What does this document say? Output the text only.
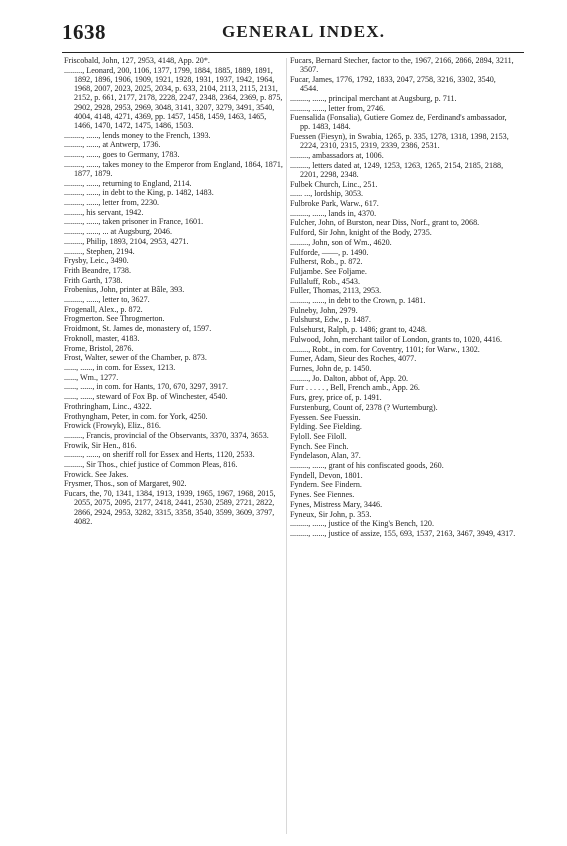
1638	GENERAL INDEX.

Friscobald, John, 127, 2953, 4148, App. 20*.

........., Leonard, 200, 1106, 1377, 1799, 1884, 1885, 1889, 1891, 1892, 1896, 1906, 1909, 1921, 1928, 1931, 1937, 1942, 1964, 1968, 2007, 2023, 2025, 2034, p. 633, 2104, 2113, 2115, 2131, 2152, p. 661, 2177, 2178, 2228, 2247, 2348, 2364, 2369, p. 875, 2902, 2928, 2953, 2969, 3048, 3141, 3207, 3279, 3491, 3540, 4004, 4148, 4271, 4369, pp. 1457, 1458, 1459, 1463, 1465, 1466, 1470, 1472, 1475, 1486, 1503.

........., ......, lends money to the French, 1393.

........., ......, at Antwerp, 1736.

........., ......, goes to Germany, 1783.

........., ......, takes money to the Emperor from England, 1864, 1871, 1877, 1879.

........., ......, returning to England, 2114.

........., ......, in debt to the King, p. 1482, 1483.

........., ......, letter from, 2230.

........., his servant, 1942.

........., ......, taken prisoner in France, 1601.

........., ......, ... at Augsburg, 2046.

........., Philip, 1893, 2104, 2953, 4271.

........., Stephen, 2194.

Frysby, Leic., 3490.

Frith Beandre, 1738.

Frith Garth, 1738.

Frobenius, John, printer at Bâle, 393.

........., ......, letter to, 3627.

Frogenall, Alex., p. 872.

Frogmerton. See Throgmerton.

Froidmont, St. James de, monastery of, 1597.

Froknoll, master, 4183.

Frome, Bristol, 2876.

Frost, Walter, sewer of the Chamber, p. 873.

......, ......, in com. for Essex, 1213.

......, Wm., 1277.

......, ......, in com. for Hants, 170, 670, 3297, 3917.

......, ......, steward of Fox Bp. of Winchester, 4540.

Frothringham, Linc., 4322.

Frothyngham, Peter, in com. for York, 4250.

Frowick (Frowyk), Eliz., 816.

........., Francis, provincial of the Observants, 3370, 3374, 3653.

Frowik, Sir Hen., 816.

........., ......, on sheriff roll for Essex and Herts, 1120, 2533.

........., Sir Thos., chief justice of Common Pleas, 816.

Frowick. See Jakes.

Frysmer, Thos., son of Margaret, 902.

Fucars, the, 70, 1341, 1384, 1913, 1939, 1965, 1967, 1968, 2015, 2055, 2075, 2095, 2177, 2418, 2441, 2530, 2589, 2721, 2822, 2866, 2924, 2953, 3282, 3315, 3358, 3540, 3599, 3609, 3797, 4082.

Fucars, Bernard Stecher, factor to the, 1967, 2166, 2866, 2894, 3211, 3507.

Fucar, James, 1776, 1792, 1833, 2047, 2758, 3216, 3302, 3540, 4544.

........., ......, principal merchant at Augsburg, p. 711.

........., ......, letter from, 2746.

Fuensalida (Fonsalia), Gutiere Gomez de, Ferdinand's ambassador, pp. 1483, 1484.

Fuessen (Fiesyn), in Swabia, 1265, p. 335, 1278, 1318, 1398, 2153, 2224, 2310, 2315, 2319, 2339, 2386, 2531.

........., ambassadors at, 1006.

........., letters dated at, 1249, 1253, 1263, 1265, 2154, 2185, 2188, 2201, 2298, 2348.

Fulbek Church, Linc., 251.

...... ..., lordship, 3053.

Fulbroke Park, Warw., 617.

........., ......, lands in, 4370.

Fulcher, John, of Burston, near Diss, Norf., grant to, 2068.

Fulford, Sir John, knight of the Body, 2735.

........., John, son of Wm., 4620.

Fulforde, ——, p. 1490.

Fulherst, Rob., p. 872.

Fuljambe. See Foljame.

Fullaluff, Rob., 4543.

Fuller, Thomas, 2113, 2953.

........., ......, in debt to the Crown, p. 1481.

Fulneby, John, 2979.

Fulshurst, Edw., p. 1487.

Fulsehurst, Ralph, p. 1486; grant to, 4248.

Fulwood, John, merchant tailor of London, grants to, 1020, 4416.

........., Robt., in com. for Coventry, 1101; for Warw., 1302.

Fumer, Adam, Sieur des Roches, 4077.

Furnes, John de, p. 1450.

........., Jo. Dalton, abbot of, App. 20.

Furr . . . . . , Bell, French amb., App. 26.

Furs, grey, price of, p. 1491.

Furstenburg, Count of, 2378 (? Wurtemburg).

Fyessen. See Fuessin.

Fylding. See Fielding.

Fyloll. See Filoll.

Fynch. See Finch.

Fyndelason, Alan, 37.

........., ......, grant of his confiscated goods, 260.

Fyndell, Devon, 1801.

Fyndern. See Findern.

Fynes. See Fiennes.

Fynes, Mistress Mary, 3446.

Fyneux, Sir John, p. 353.

........., ......, justice of the King's Bench, 120.

........., ......, justice of assize, 155, 693, 1537, 2163, 3467, 3949, 4317.
